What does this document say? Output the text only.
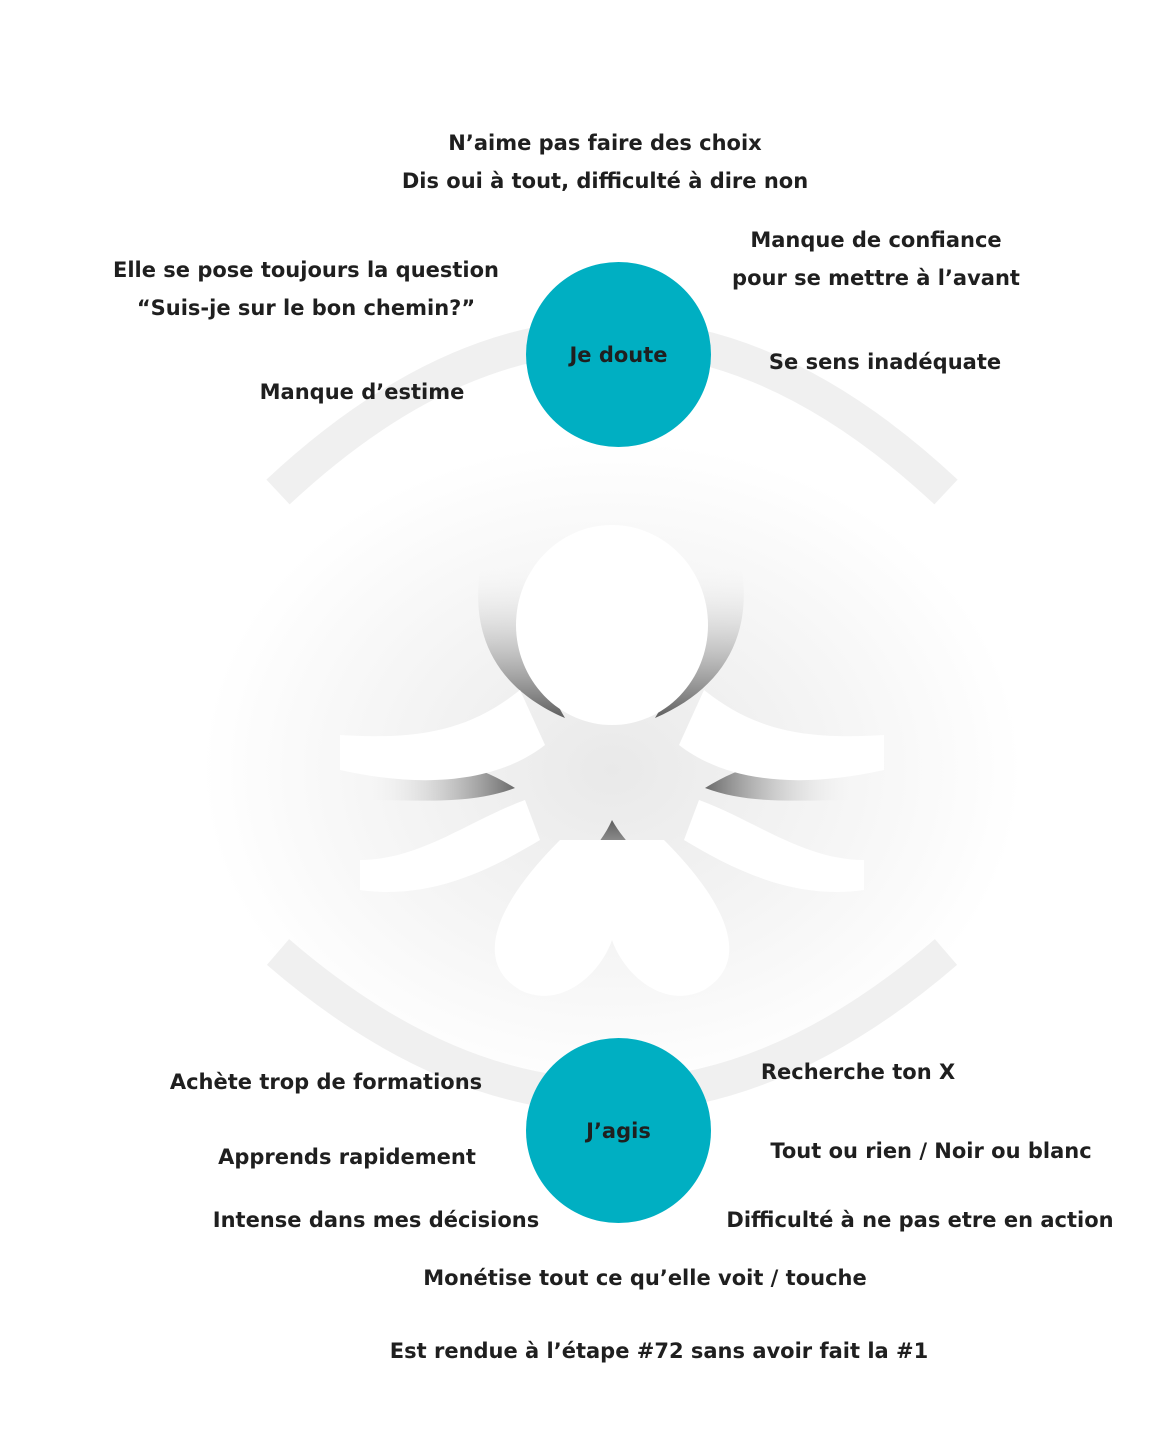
Je doute
J’agis
N’aime pas faire des choix
Dis oui à tout, difficulté à dire non
Elle se pose toujours la question
“Suis-je sur le bon chemin?”
Manque de confiance
pour se mettre à l’avant
Se sens inadéquate
Manque d’estime
Achète trop de formations
Apprends rapidement
Intense dans mes décisions
Recherche ton X
Tout ou rien / Noir ou blanc
Difficulté à ne pas etre en action
Monétise tout ce qu’elle voit / touche
Est rendue à l’étape #72 sans avoir fait la #1
